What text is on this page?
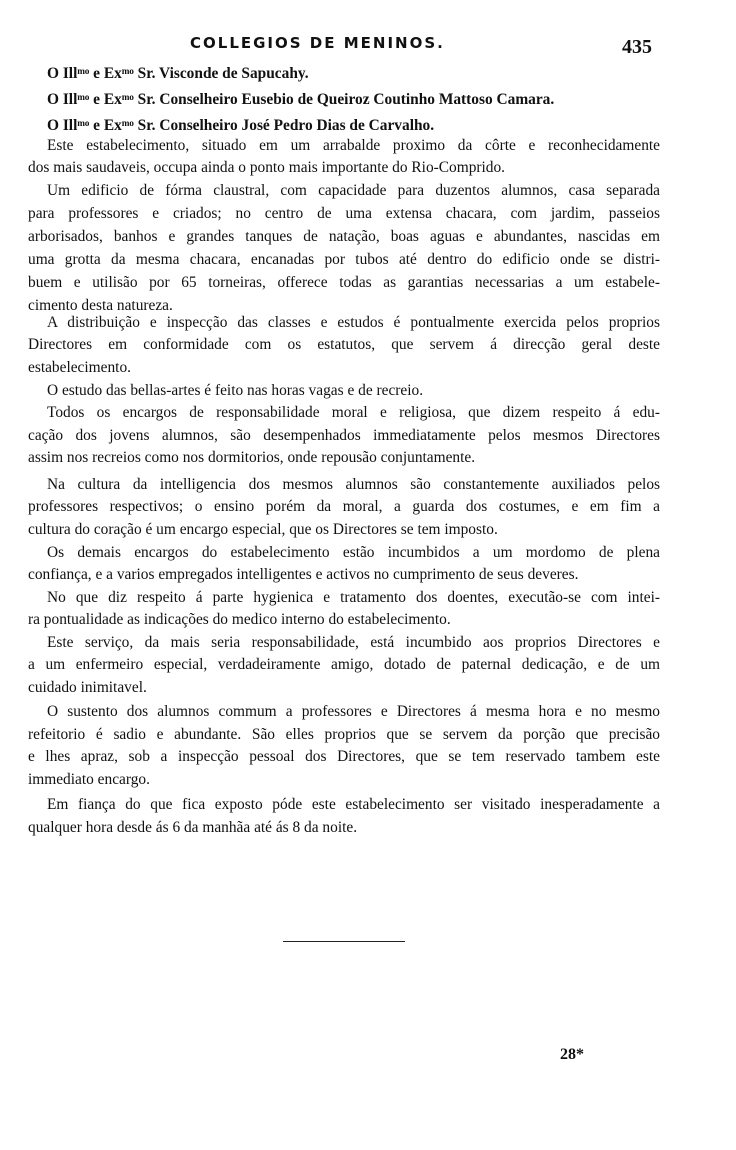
COLLEGIOS DE MENINOS.	435
O Illᵐᵒ e Exᵐᵒ Sr. Visconde de Sapucahy.
O Illᵐᵒ e Exᵐᵒ Sr. Conselheiro Eusebio de Queiroz Coutinho Mattoso Camara.
O Illᵐᵒ e Exᵐᵒ Sr. Conselheiro José Pedro Dias de Carvalho.
Este estabelecimento, situado em um arrabalde proximo da côrte e reconhecidamente
dos mais saudaveis, occupa ainda o ponto mais importante do Rio-Comprido.
Um edificio de fórma claustral, com capacidade para duzentos alumnos, casa separada
para professores e criados; no centro de uma extensa chacara, com jardim, passeios
arborisados, banhos e grandes tanques de natação, boas aguas e abundantes, nascidas em
uma grotta da mesma chacara, encanadas por tubos até dentro do edificio onde se distri-
buem e utilisão por 65 torneiras, offerece todas as garantias necessarias a um estabele-
cimento desta natureza.
A distribuição e inspecção das classes e estudos é pontualmente exercida pelos proprios
Directores em conformidade com os estatutos, que servem á direcção geral deste
estabelecimento.
O estudo das bellas-artes é feito nas horas vagas e de recreio.
Todos os encargos de responsabilidade moral e religiosa, que dizem respeito á edu-
cação dos jovens alumnos, são desempenhados immediatamente pelos mesmos Directores
assim nos recreios como nos dormitorios, onde repousão conjuntamente.
Na cultura da intelligencia dos mesmos alumnos são constantemente auxiliados pelos
professores respectivos; o ensino porém da moral, a guarda dos costumes, e em fim a
cultura do coração é um encargo especial, que os Directores se tem imposto.
Os demais encargos do estabelecimento estão incumbidos a um mordomo de plena
confiança, e a varios empregados intelligentes e activos no cumprimento de seus deveres.
No que diz respeito á parte hygienica e tratamento dos doentes, executão-se com intei-
ra pontualidade as indicações do medico interno do estabelecimento.
Este serviço, da mais seria responsabilidade, está incumbido aos proprios Directores e
a um enfermeiro especial, verdadeiramente amigo, dotado de paternal dedicação, e de um
cuidado inimitavel.
O sustento dos alumnos commum a professores e Directores á mesma hora e no mesmo
refeitorio é sadio e abundante. São elles proprios que se servem da porção que precisão
e lhes apraz, sob a inspecção pessoal dos Directores, que se tem reservado tambem este
immediato encargo.
Em fiança do que fica exposto póde este estabelecimento ser visitado inesperadamente a
qualquer hora desde ás 6 da manhãa até ás 8 da noite.
28*
